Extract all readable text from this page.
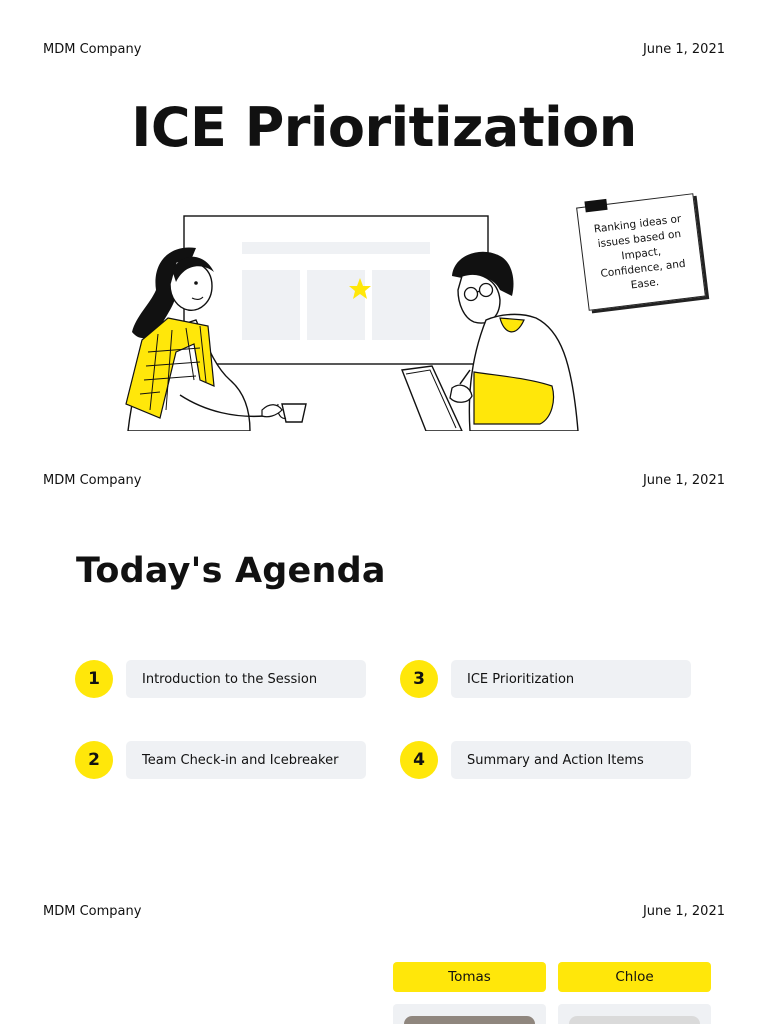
MDM Company	June 1, 2021
ICE Prioritization
Ranking ideas or issues based on Impact, Confidence, and Ease.
MDM Company	June 1, 2021
Today's Agenda
1	Introduction to the Session
2	Team Check-in and Icebreaker
3	ICE Prioritization
4	Summary and Action Items
MDM Company	June 1, 2021
Tomas	Chloe
